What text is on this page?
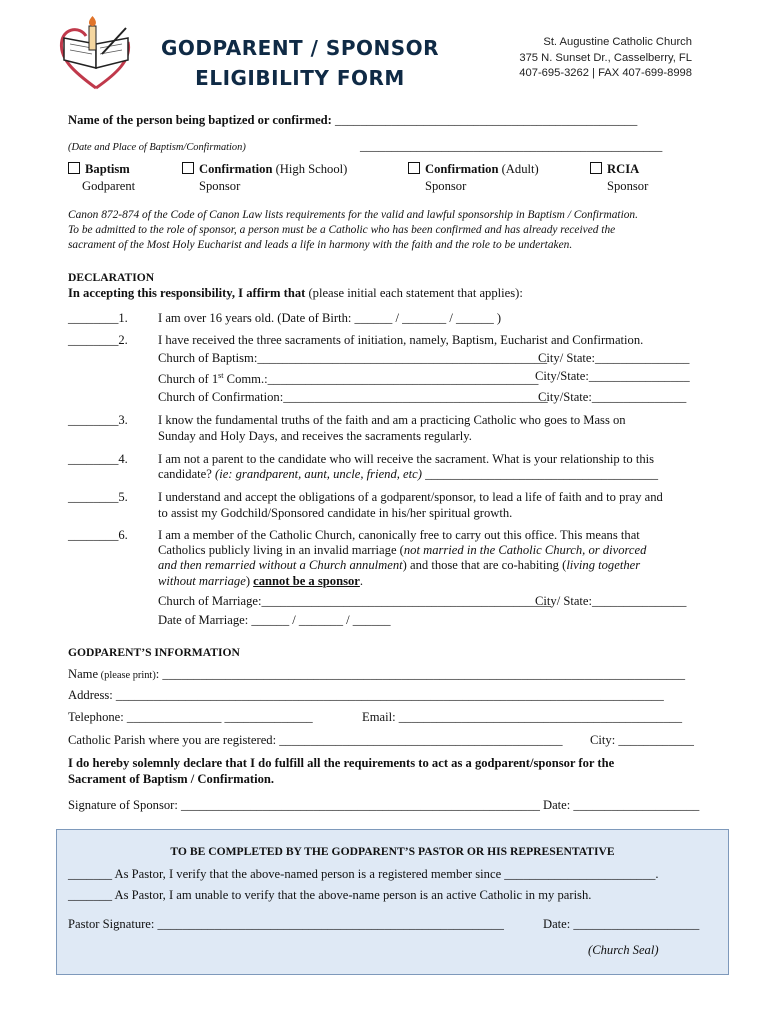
GODPARENT / SPONSOR
ELIGIBILITY FORM
St. Augustine Catholic Church
375 N. Sunset Dr., Casselberry, FL
407-695-3262 | FAX 407-699-8998
Name of the person being baptized or confirmed: ________________________________________________
(Date and Place of Baptism/Confirmation)	________________________________________________
Baptism
Godparent
Confirmation (High School)
Sponsor
Confirmation (Adult)
Sponsor
RCIA
Sponsor
Canon 872-874 of the Code of Canon Law lists requirements for the valid and lawful sponsorship in Baptism / Confirmation.
To be admitted to the role of sponsor, a person must be a Catholic who has been confirmed and has already received the
sacrament of the Most Holy Eucharist and leads a life in harmony with the faith and the role to be undertaken.
DECLARATION
In accepting this responsibility, I affirm that (please initial each statement that applies):
________1. I am over 16 years old. (Date of Birth: ______ / _______ / ______ )
________2. I have received the three sacraments of initiation, namely, Baptism, Eucharist and Confirmation.
Church of Baptism:______________________________________________
City/ State:_______________
Church of 1st Comm.:___________________________________________
City/State:________________
Church of Confirmation:__________________________________________
City/State:_______________
________3. I know the fundamental truths of the faith and am a practicing Catholic who goes to Mass on
Sunday and Holy Days, and receives the sacraments regularly.
________4. I am not a parent to the candidate who will receive the sacrament. What is your relationship to this
candidate? (ie: grandparent, aunt, uncle, friend, etc) _____________________________________
________5. I understand and accept the obligations of a godparent/sponsor, to lead a life of faith and to pray and
to assist my Godchild/Sponsored candidate in his/her spiritual growth.
________6. I am a member of the Catholic Church, canonically free to carry out this office. This means that
Catholics publicly living in an invalid marriage (not married in the Catholic Church, or divorced
and then remarried without a Church annulment) and those that are co-habiting (living together
without marriage) cannot be a sponsor.
Church of Marriage:______________________________________________
City/ State:_______________
Date of Marriage: ______ / _______ / ______
GODPARENT’S INFORMATION
Name (please print): ___________________________________________________________________________________
Address: _______________________________________________________________________________________
Telephone: _______________ ______________	Email: _____________________________________________
Catholic Parish where you are registered: _____________________________________________ City: ____________
I do hereby solemnly declare that I do fulfill all the requirements to act as a godparent/sponsor for the
Sacrament of Baptism / Confirmation.
Signature of Sponsor: _________________________________________________________ Date: ____________________
TO BE COMPLETED BY THE GODPARENT’S PASTOR OR HIS REPRESENTATIVE
_______ As Pastor, I verify that the above-named person is a registered member since ________________________.
_______ As Pastor, I am unable to verify that the above-name person is an active Catholic in my parish.
Pastor Signature: _______________________________________________________	Date: ____________________
(Church Seal)
